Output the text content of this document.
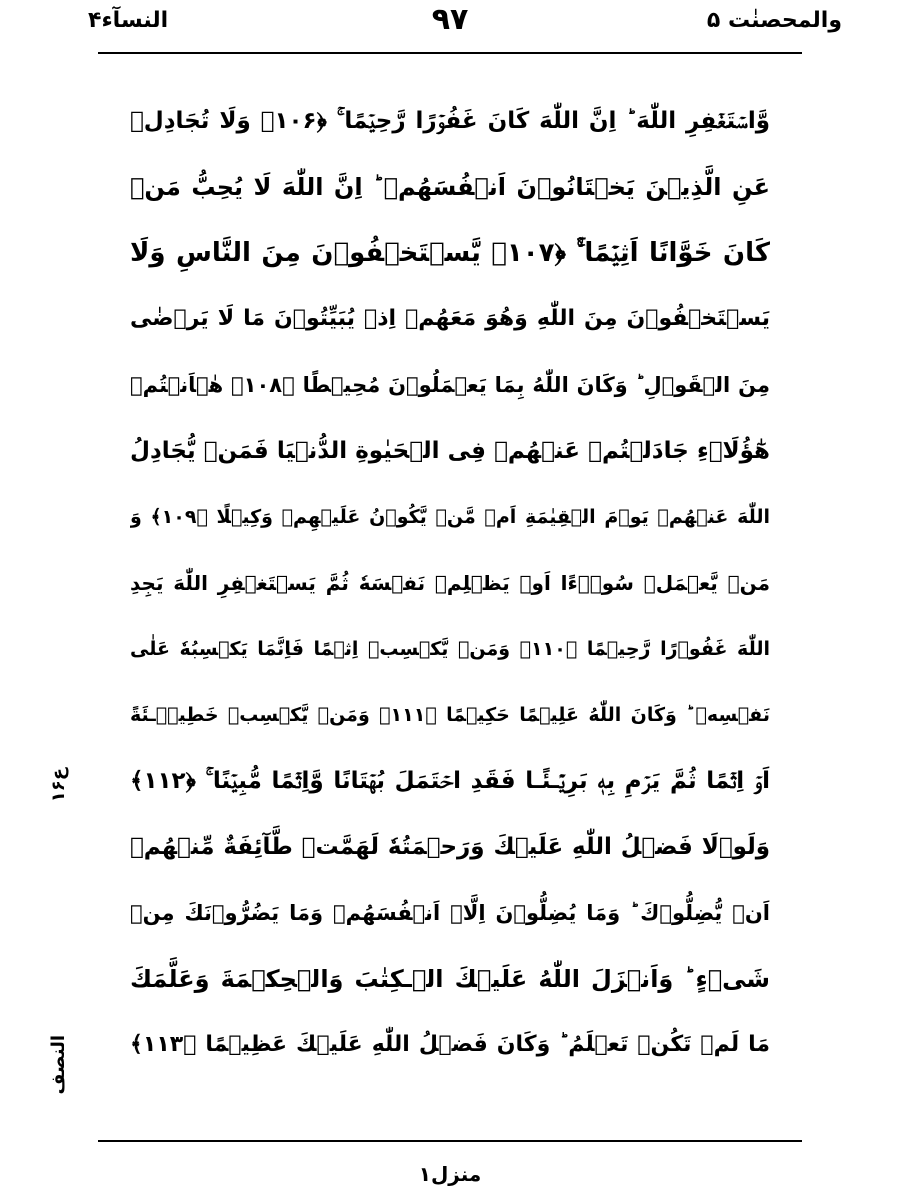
والمحصنٰت ۵
۹۷
النسآء۴
وَّاسۡتَغۡفِرِ اللّٰهَ ؕ اِنَّ اللّٰهَ كَانَ غَفُوۡرًا رَّحِيۡمًا ۚ‏ ﴿۱۰۶﴾ وَلَا تُجَادِلۡ
عَنِ الَّذِيۡنَ يَخۡتَانُوۡنَ اَنۡفُسَهُمۡ ؕ اِنَّ اللّٰهَ لَا يُحِبُّ مَنۡ
كَانَ خَوَّانًا اَثِيۡمًا ۙۚ‏ ﴿۱۰۷﴾ يَّسۡتَخۡفُوۡنَ مِنَ النَّاسِ وَلَا
يَسۡتَخۡفُوۡنَ مِنَ اللّٰهِ وَهُوَ مَعَهُمۡ اِذۡ يُبَيِّتُوۡنَ مَا لَا يَرۡضٰى
مِنَ الۡقَوۡلِ ؕ وَكَانَ اللّٰهُ بِمَا يَعۡمَلُوۡنَ مُحِيۡطًا ﴿۱۰۸﴾ هٰۤاَنۡتُمۡ
هٰٓؤُلَاۤءِ جَادَلۡتُمۡ عَنۡهُمۡ فِى الۡحَيٰوةِ الدُّنۡيَا فَمَنۡ يُّجَادِلُ
اللّٰهَ عَنۡهُمۡ يَوۡمَ الۡقِيٰمَةِ اَمۡ مَّنۡ يَّكُوۡنُ عَلَيۡهِمۡ وَكِيۡلًا ﴿۱۰۹﴾ وَ
مَنۡ يَّعۡمَلۡ سُوۡۤءًا اَوۡ يَظۡلِمۡ نَفۡسَهٗ ثُمَّ يَسۡتَغۡفِرِ اللّٰهَ يَجِدِ
اللّٰهَ غَفُوۡرًا رَّحِيۡمًا ﴿۱۱۰﴾ وَمَنۡ يَّكۡسِبۡ اِثۡمًا فَاِنَّمَا يَكۡسِبُهٗ عَلٰى
نَفۡسِهٖ ؕ وَكَانَ اللّٰهُ عَلِيۡمًا حَكِيۡمًا ﴿۱۱۱﴾ وَمَنۡ يَّكۡسِبۡ خَطِيۡۤـئَةً
اَوۡ اِثۡمًا ثُمَّ يَرۡمِ بِهٖ بَرِيۡۤـئًـا فَقَدِ احۡتَمَلَ بُهۡتَانًا وَّاِثۡمًا مُّبِيۡنًا ۚ ﴿۱۱۲﴾
وَلَوۡلَا فَضۡلُ اللّٰهِ عَلَيۡكَ وَرَحۡمَتُهٗ لَهَمَّتۡ طَّآئِفَةٌ مِّنۡهُمۡ
اَنۡ يُّضِلُّوۡكَ ؕ وَمَا يُضِلُّوۡنَ اِلَّاۤ اَنۡفُسَهُمۡ وَمَا يَضُرُّوۡنَكَ مِنۡ
شَىۡءٍ ؕ وَاَنۡزَلَ اللّٰهُ عَلَيۡكَ الۡـكِتٰبَ وَالۡحِكۡمَةَ وَعَلَّمَكَ
مَا لَمۡ تَكُنۡ تَعۡلَمُ ؕ وَكَانَ فَضۡلُ اللّٰهِ عَلَيۡكَ عَظِيۡمًا ﴿۱۱۳﴾
ع۱۶
النصف
منزل۱
